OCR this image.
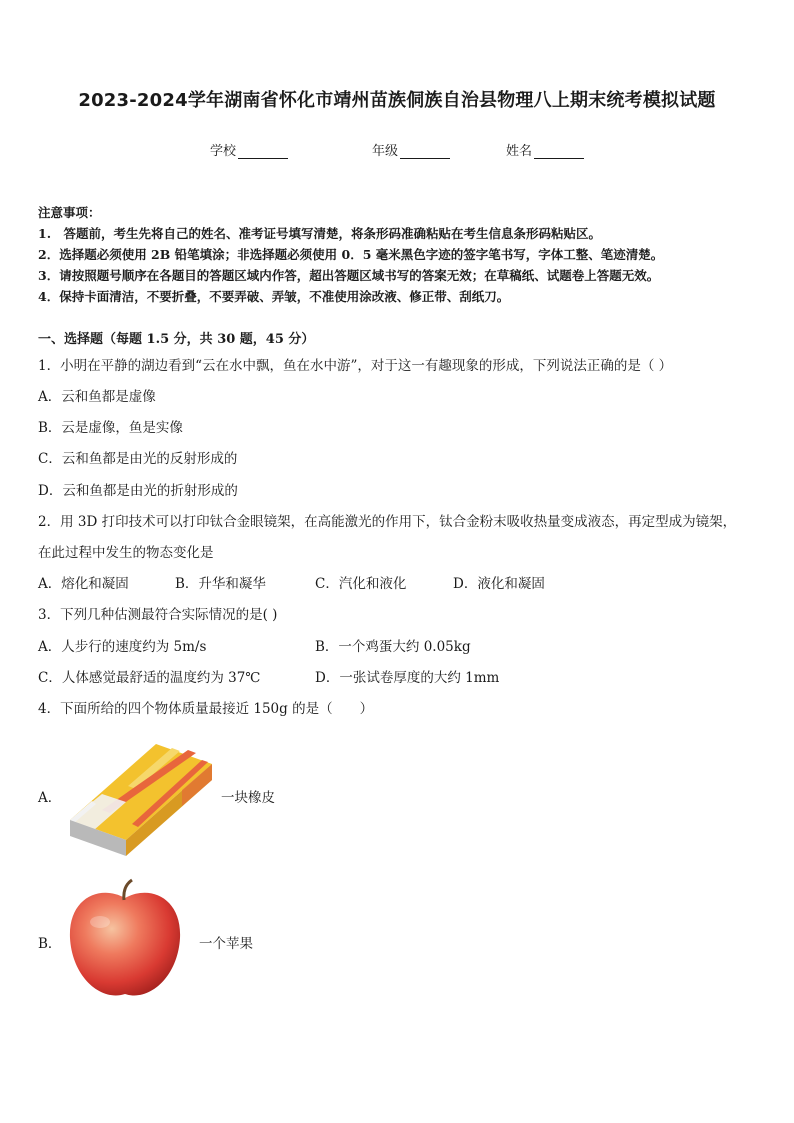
2023-2024学年湖南省怀化市靖州苗族侗族自治县物理八上期末统考模拟试题
学校	年级	姓名
注意事项：
1.　答题前，考生先将自己的姓名、准考证号填写清楚，将条形码准确粘贴在考生信息条形码粘贴区。
2．选择题必须使用 2B 铅笔填涂；非选择题必须使用 0．5 毫米黑色字迹的签字笔书写，字体工整、笔迹清楚。
3．请按照题号顺序在各题目的答题区域内作答，超出答题区域书写的答案无效；在草稿纸、试题卷上答题无效。
4．保持卡面清洁，不要折叠，不要弄破、弄皱，不准使用涂改液、修正带、刮纸刀。
一、选择题（每题 1.5 分，共 30 题，45 分）
1．小明在平静的湖边看到“云在水中飘，鱼在水中游”，对于这一有趣现象的形成，下列说法正确的是（ ）
A．云和鱼都是虚像
B．云是虚像，鱼是实像
C．云和鱼都是由光的反射形成的
D．云和鱼都是由光的折射形成的
2．用 3D 打印技术可以打印钛合金眼镜架，在高能激光的作用下，钛合金粉末吸收热量变成液态，再定型成为镜架，
在此过程中发生的物态变化是
A．熔化和凝固	B．升华和凝华	C．汽化和液化	D．液化和凝固
3．下列几种估测最符合实际情况的是( )
A．人步行的速度约为 5m/s	B．一个鸡蛋大约 0.05kg
C．人体感觉最舒适的温度约为 37℃	D．一张试卷厚度的大约 1mm
4．下面所给的四个物体质量最接近 150g 的是（　　）
A．	一块橡皮
B．	一个苹果
